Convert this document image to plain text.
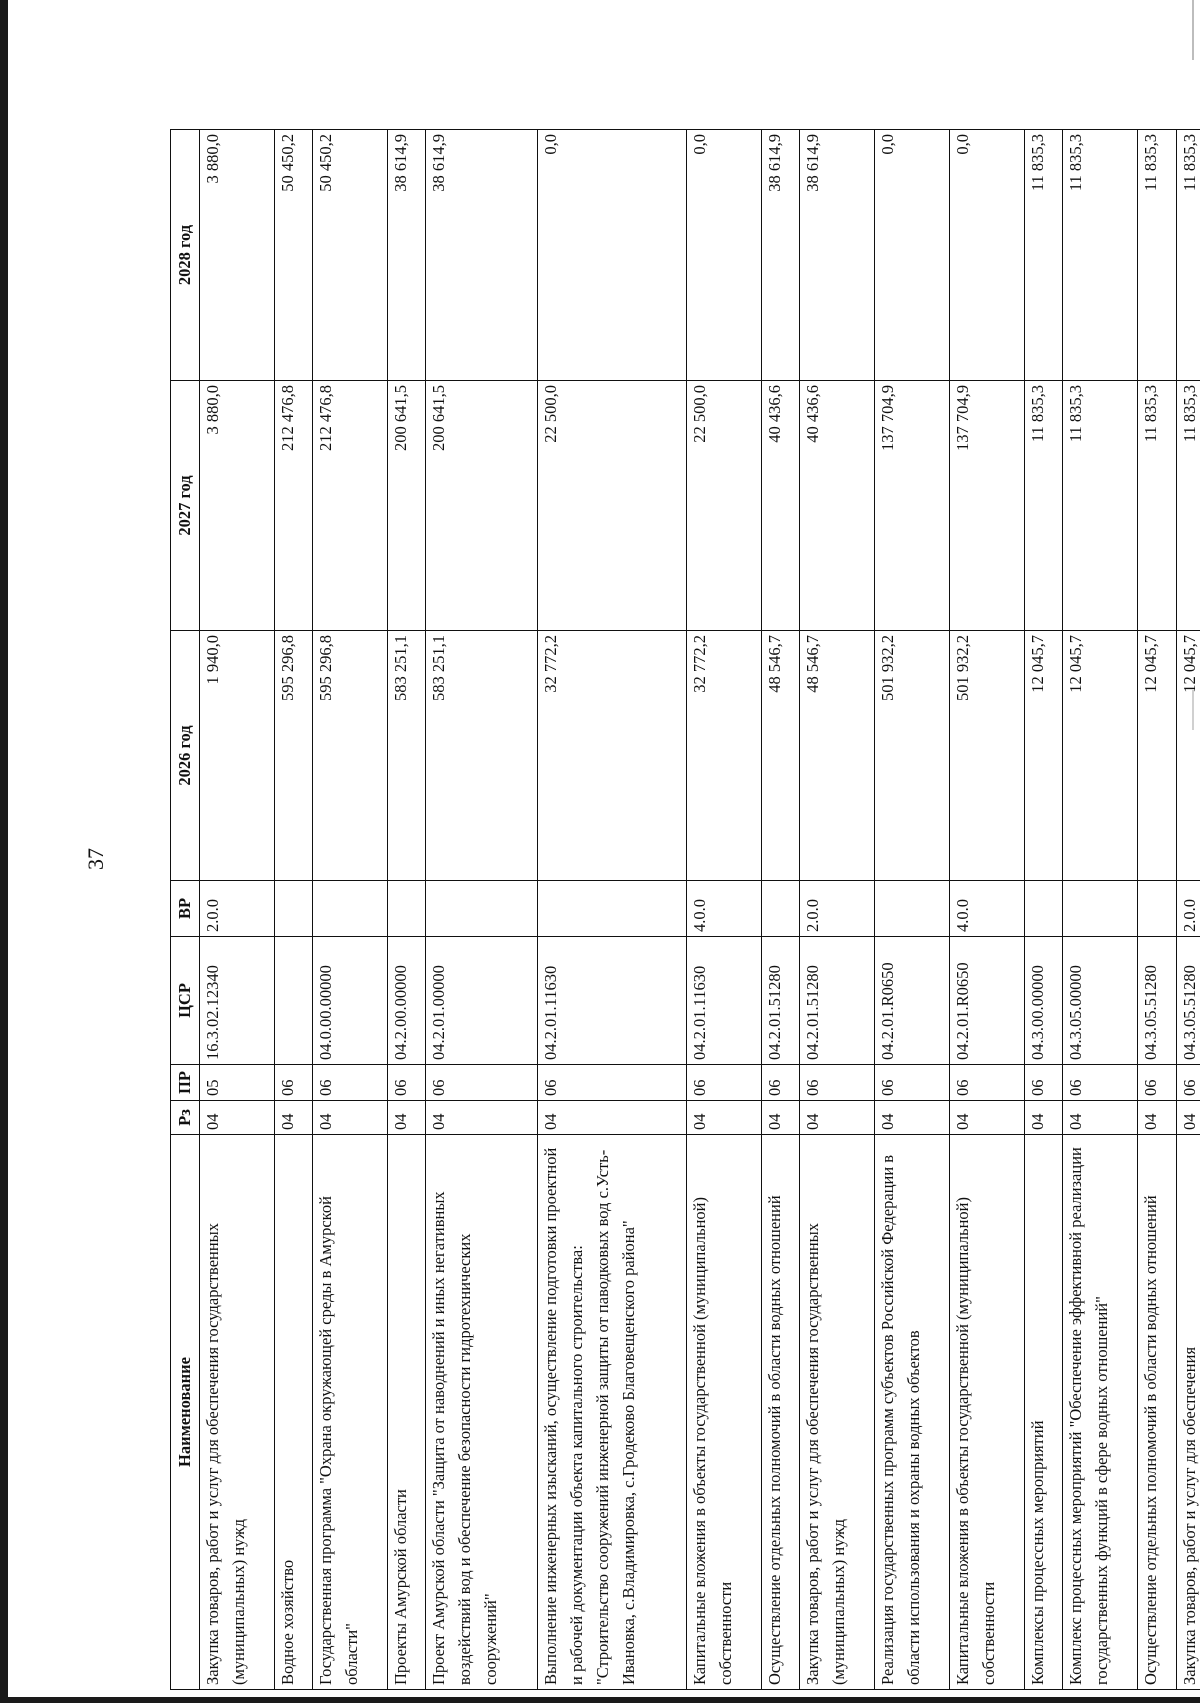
37
Наименование	Рз	ПР	ЦСР	ВР	2026 год	2027 год	2028 год
Закупка товаров, работ и услуг для обеспечения государственных (муниципальных) нужд	04	05	16.3.02.12340	2.0.0	1 940,0	3 880,0	3 880,0
Водное хозяйство	04	06			595 296,8	212 476,8	50 450,2
Государственная программа "Охрана окружающей среды в Амурской области"	04	06	04.0.00.00000		595 296,8	212 476,8	50 450,2
Проекты Амурской области	04	06	04.2.00.00000		583 251,1	200 641,5	38 614,9
Проект Амурской области "Защита от наводнений и иных негативных воздействий вод и обеспечение безопасности гидротехнических сооружений"	04	06	04.2.01.00000		583 251,1	200 641,5	38 614,9
Выполнение инженерных изысканий, осуществление подготовки проектной и рабочей документации объекта капитального строительства: "Строительство сооружений инженерной защиты от паводковых вод с.Усть-Ивановка, с.Владимировка, с.Гродеково Благовещенского района"	04	06	04.2.01.11630		32 772,2	22 500,0	0,0
Капитальные вложения в объекты государственной (муниципальной) собственности	04	06	04.2.01.11630	4.0.0	32 772,2	22 500,0	0,0
Осуществление отдельных полномочий в области водных отношений	04	06	04.2.01.51280		48 546,7	40 436,6	38 614,9
Закупка товаров, работ и услуг для обеспечения государственных (муниципальных) нужд	04	06	04.2.01.51280	2.0.0	48 546,7	40 436,6	38 614,9
Реализация государственных программ субъектов Российской Федерации в области использования и охраны водных объектов	04	06	04.2.01.R0650		501 932,2	137 704,9	0,0
Капитальные вложения в объекты государственной (муниципальной) собственности	04	06	04.2.01.R0650	4.0.0	501 932,2	137 704,9	0,0
Комплексы процессных мероприятий	04	06	04.3.00.00000		12 045,7	11 835,3	11 835,3
Комплекс процессных мероприятий "Обеспечение эффективной реализации государственных функций в сфере водных отношений"	04	06	04.3.05.00000		12 045,7	11 835,3	11 835,3
Осуществление отдельных полномочий в области водных отношений	04	06	04.3.05.51280		12 045,7	11 835,3	11 835,3
Закупка товаров, работ и услуг для обеспечения	04	06	04.3.05.51280	2.0.0	12 045,7	11 835,3	11 835,3
